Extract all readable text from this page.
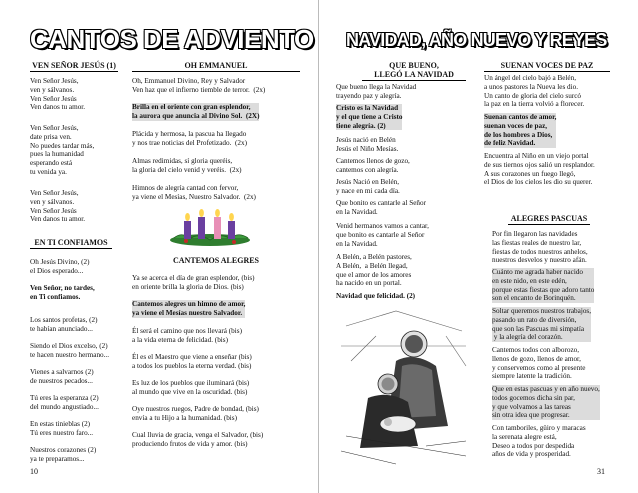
CANTOS DE ADVIENTO
VEN SEÑOR JESÚS (1)
Ven Señor Jesús,
ven y sálvanos.
Ven Señor Jesús
Ven danos tu amor.
Ven Señor Jesús,
date prisa ven.
No puedes tardar más,
pues la humanidad
esperando está
tu venida ya.
Ven Señor Jesús,
ven y sálvanos.
Ven Señor Jesús
Ven danos tu amor.
EN TI CONFIAMOS
Oh Jesús Divino, (2)
el Dios esperado...
Ven Señor, no tardes,
en Ti confiamos.
Los santos profetas, (2)
te habían anunciado...
Siendo el Dios excelso, (2)
te hacen nuestro hermano...
Vienes a salvarnos (2)
de nuestros pecados...
Tú eres la esperanza (2)
del mundo angustiado...
En estas tinieblas (2)
Tú eres nuestro faro...
Nuestros corazones (2)
ya te preparamos...
OH EMMANUEL
Oh, Emmanuel Divino, Rey y Salvador
Ven haz que el infierno tiemble de terror.  (2x)
Brilla en el oriente con gran esplendor,
la aurora que anuncia al Divino Sol.  (2X)
Plácida y hermosa, la pascua ha llegado
y nos trae noticias del Profetizado.  (2x)
Almas redimidas, sí gloria queréis,
la gloria del cielo venid y veréis.  (2x)
Himnos de alegría cantad con fervor,
ya viene el Mesías, Nuestro Salvador.  (2x)
CANTEMOS ALEGRES
Ya se acerca el día de gran esplendor, (bis)
en oriente brilla la gloria de Dios. (bis)
Cantemos alegres un himno de amor,
ya viene el Mesías nuestro Salvador.
Él será el camino que nos llevará (bis)
a la vida eterna de felicidad. (bis)
Él es el Maestro que viene a enseñar (bis)
a todos los pueblos la eterna verdad. (bis)
Es luz de los pueblos que iluminará (bis)
al mundo que vive en la oscuridad. (bis)
Oye nuestros ruegos, Padre de bondad, (bis)
envía a tu Hijo a la humanidad. (bis)
Cual lluvia de gracia, venga el Salvador, (bis)
produciendo frutos de vida y amor. (bis)
10
NAVIDAD, AÑO NUEVO Y REYES
QUE BUENO,
LLEGÓ LA NAVIDAD
Que bueno llega la Navidad
trayendo paz y alegría.
Cristo es la Navidad
y el que tiene a Cristo
tiene alegría. (2)
Jesús nació en Belén
Jesús el Niño Mesías.
Cantemos llenos de gozo,
cantemos con alegría.
Jesús Nació en Belén,
y nace en mi cada día.
Que bonito es cantarle al Señor
en la Navidad.
Venid hermanos vamos a cantar,
que bonito es cantarle al Señor
en la Navidad.
A Belén, a Belén pastores,
A Belén,  a Belén llegad,
que el amor de los amores
ha nacido en un portal.
Navidad que felicidad. (2)
SUENAN VOCES DE PAZ
Un ángel del cielo bajó a Belén,
a unos pastores la Nueva les dio.
Un canto de gloria del cielo surcó
la paz en la tierra volvió a florecer.
Suenan cantos de amor,
suenan voces de paz,
de los hombres a Dios,
de feliz Navidad.
Encuentra al Niño en un viejo portal
de sus tiernos ojos salió un resplandor.
A sus corazones un fuego llegó,
el Dios de los cielos les dio su querer.
ALEGRES PASCUAS
Por fin llegaron las navidades
las fiestas reales de nuestro lar,
fiestas de todos nuestros anhelos,
nuestros desvelos y nuestro afán.
Cuánto me agrada haber nacido
en este nido, en este edén,
porque estas fiestas que adoro tanto
son el encanto de Borinquén.
Soltar queremos nuestros trabajos,
pasando un rato de diversión,
que son las Pascuas mi simpatía
y la alegría del corazón.
Cantemos todos con alborozo,
llenos de gozo, llenos de amor,
y conservemos como al presente
siempre latente la tradición.
Que en estas pascuas y en año nuevo,
todos gocemos dicha sin par,
y que volvamos a las tareas
sin otra idea que progresar.
Con tamboriles, güiro y maracas
la serenata alegre está,
Deseo a todos por despedida
años de vida y prosperidad.
31
